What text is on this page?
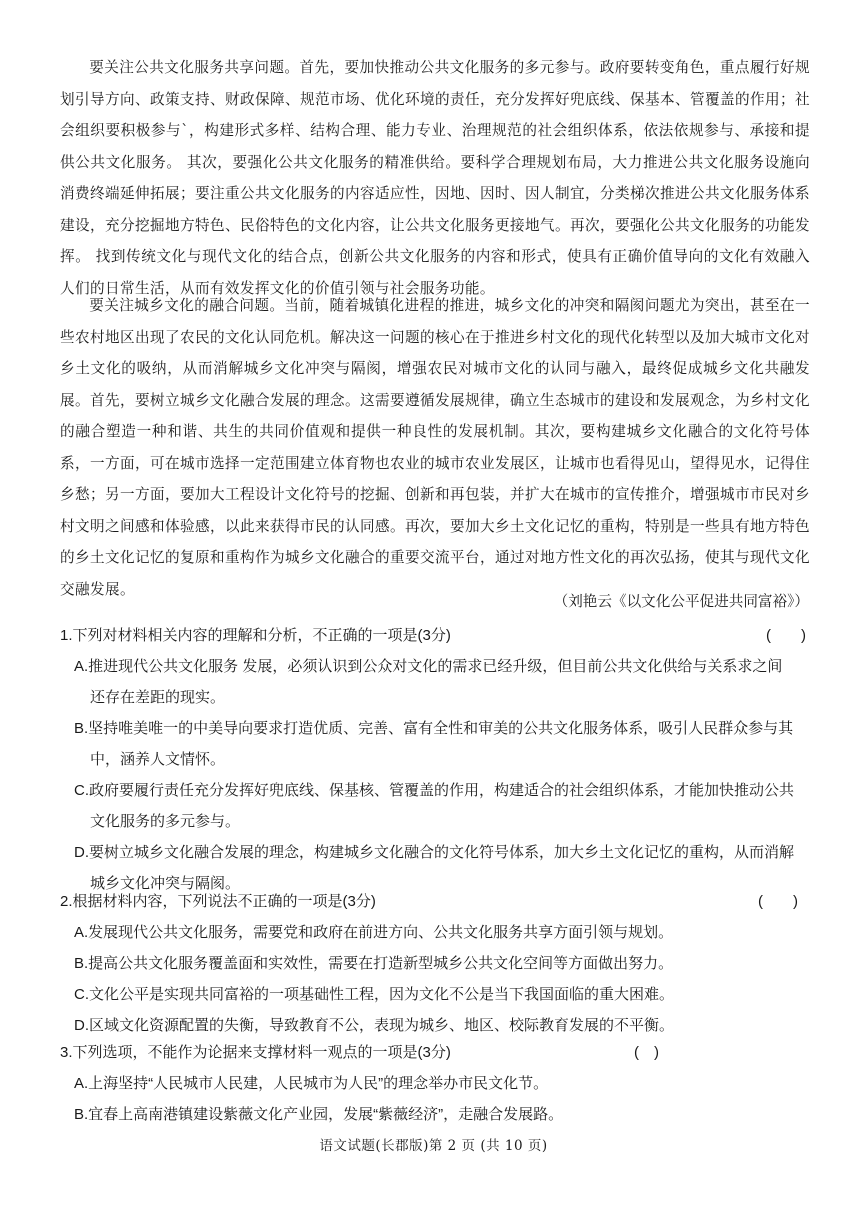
要关注公共文化服务共享问题。首先，要加快推动公共文化服务的多元参与。政府要转变角色，重点履行好规划引导方向、政策支持、财政保障、规范市场、优化环境的责任，充分发挥好兜底线、保基本、管覆盖的作用；社会组织要积极参与`，构建形式多样、结构合理、能力专业、治理规范的社会组织体系，依法依规参与、承接和提供公共文化服务。 其次，要强化公共文化服务的精准供给。要科学合理规划布局，大力推进公共文化服务设施向消费终端延伸拓展；要注重公共文化服务的内容适应性，因地、因时、因人制宜，分类梯次推进公共文化服务体系建设，充分挖掘地方特色、民俗特色的文化内容，让公共文化服务更接地气。再次，要强化公共文化服务的功能发挥。 找到传统文化与现代文化的结合点，创新公共文化服务的内容和形式，使具有正确价值导向的文化有效融入人们的日常生活，从而有效发挥文化的价值引领与社会服务功能。

要关注城乡文化的融合问题。当前，随着城镇化进程的推进，城乡文化的冲突和隔阂问题尤为突出，甚至在一些农村地区出现了农民的文化认同危机。解决这一问题的核心在于推进乡村文化的现代化转型以及加大城市文化对乡土文化的吸纳，从而消解城乡文化冲突与隔阂，增强农民对城市文化的认同与融入，最终促成城乡文化共融发展。首先，要树立城乡文化融合发展的理念。这需要遵循发展规律，确立生态城市的建设和发展观念，为乡村文化的融合塑造一种和谐、共生的共同价值观和提供一种良性的发展机制。其次，要构建城乡文化融合的文化符号体系，一方面，可在城市选择一定范围建立体育物也农业的城市农业发展区，让城市也看得见山，望得见水，记得住乡愁；另一方面，要加大工程设计文化符号的挖掘、创新和再包装，并扩大在城市的宣传推介，增强城市市民对乡村文明之间感和体验感，以此来获得市民的认同感。再次，要加大乡土文化记忆的重构，特别是一些具有地方特色的乡土文化记忆的复原和重构作为城乡文化融合的重要交流平台，通过对地方性文化的再次弘扬，使其与现代文化交融发展。

（刘艳云《以文化公平促进共同富裕》）
1.下列对材料相关内容的理解和分析，不正确的一项是(3分)	(　　)
A.推进现代公共文化服务 发展，必须认识到公众对文化的需求已经升级，但目前公共文化供给与关系求之间
还存在差距的现实。
B.坚持唯美唯一的中美导向要求打造优质、完善、富有全性和审美的公共文化服务体系，吸引人民群众参与其
中，涵养人文情怀。
C.政府要履行责任充分发挥好兜底线、保基核、管覆盖的作用，构建适合的社会组织体系，才能加快推动公共
文化服务的多元参与。
D.要树立城乡文化融合发展的理念，构建城乡文化融合的文化符号体系，加大乡土文化记忆的重构，从而消解
城乡文化冲突与隔阂。
2.根据材料内容，下列说法不正确的一项是(3分)	(　　)
A.发展现代公共文化服务，需要党和政府在前进方向、公共文化服务共享方面引领与规划。
B.提高公共文化服务覆盖面和实效性，需要在打造新型城乡公共文化空间等方面做出努力。
C.文化公平是实现共同富裕的一项基础性工程，因为文化不公是当下我国面临的重大困难。
D.区域文化资源配置的失衡，导致教育不公，表现为城乡、地区、校际教育发展的不平衡。
3.下列选项，不能作为论据来支撑材料一观点的一项是(3分)	(　)
A.上海坚持“人民城市人民建，人民城市为人民”的理念举办市民文化节。
B.宜春上高南港镇建设紫薇文化产业园，发展“紫薇经济”，走融合发展路。
语文试题(长郡版)第 2 页 (共 10 页)
